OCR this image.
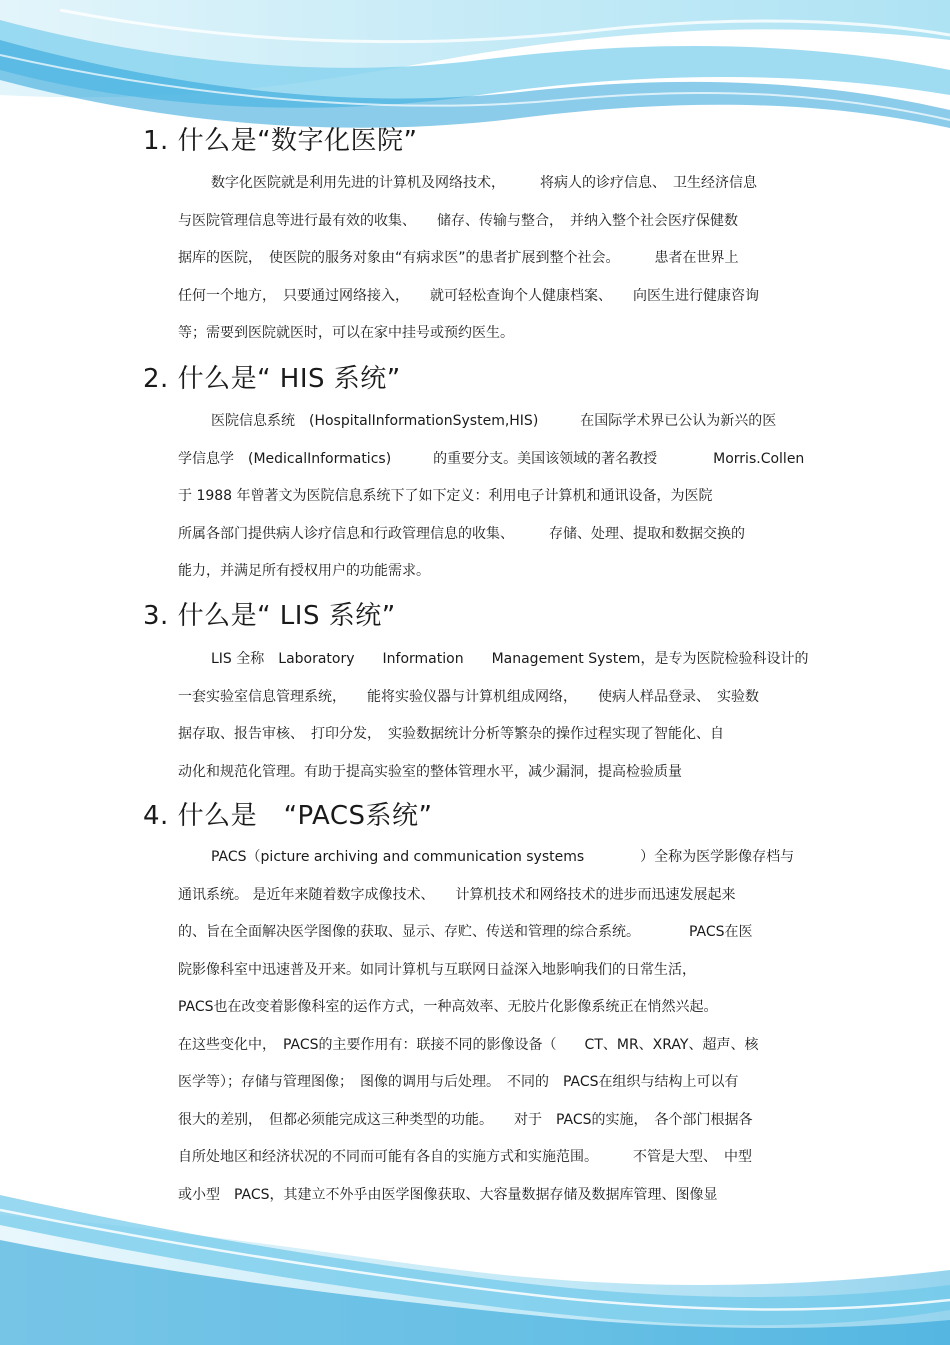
1. 什么是“数字化医院”
数字化医院就是利用先进的计算机及网络技术，　　　将病人的诊疗信息、　卫生经济信息
与医院管理信息等进行最有效的收集、　　储存、传输与整合，　并纳入整个社会医疗保健数
据库的医院，　使医院的服务对象由“有病求医”的患者扩展到整个社会。　　　患者在世界上
任何一个地方，　只要通过网络接入，　　就可轻松查询个人健康档案、　　向医生进行健康咨询
等；需要到医院就医时，可以在家中挂号或预约医生。
2. 什么是“ HIS 系统”
医院信息系统　(HospitalInformationSystem,HIS)　　　在国际学术界已公认为新兴的医
学信息学　(MedicalInformatics)　　　的重要分支。美国该领域的著名教授　　　　Morris.Collen
于 1988 年曾著文为医院信息系统下了如下定义：利用电子计算机和通讯设备，为医院
所属各部门提供病人诊疗信息和行政管理信息的收集、　　　存储、处理、提取和数据交换的
能力，并满足所有授权用户的功能需求。
3. 什么是“ LIS 系统”
LIS 全称　Laboratory　　Information　　Management System，是专为医院检验科设计的
一套实验室信息管理系统，　　能将实验仪器与计算机组成网络，　　使病人样品登录、　实验数
据存取、报告审核、　打印分发，　实验数据统计分析等繁杂的操作过程实现了智能化、自
动化和规范化管理。有助于提高实验室的整体管理水平，减少漏洞，提高检验质量
4. 什么是　“PACS系统”
PACS（picture archiving and communication systems　　　　）全称为医学影像存档与
通讯系统。 是近年来随着数字成像技术、　　计算机技术和网络技术的进步而迅速发展起来
的、旨在全面解决医学图像的获取、显示、存贮、传送和管理的综合系统。　　　　PACS在医
院影像科室中迅速普及开来。如同计算机与互联网日益深入地影响我们的日常生活，
PACS也在改变着影像科室的运作方式，一种高效率、无胶片化影像系统正在悄然兴起。
在这些变化中，　PACS的主要作用有：联接不同的影像设备（　　CT、MR、XRAY、超声、核
医学等）；存储与管理图像；　图像的调用与后处理。　不同的　PACS在组织与结构上可以有
很大的差别，　但都必须能完成这三种类型的功能。　　对于　PACS的实施，　各个部门根据各
自所处地区和经济状况的不同而可能有各自的实施方式和实施范围。　　　不管是大型、　中型
或小型　PACS，其建立不外乎由医学图像获取、大容量数据存储及数据库管理、图像显
